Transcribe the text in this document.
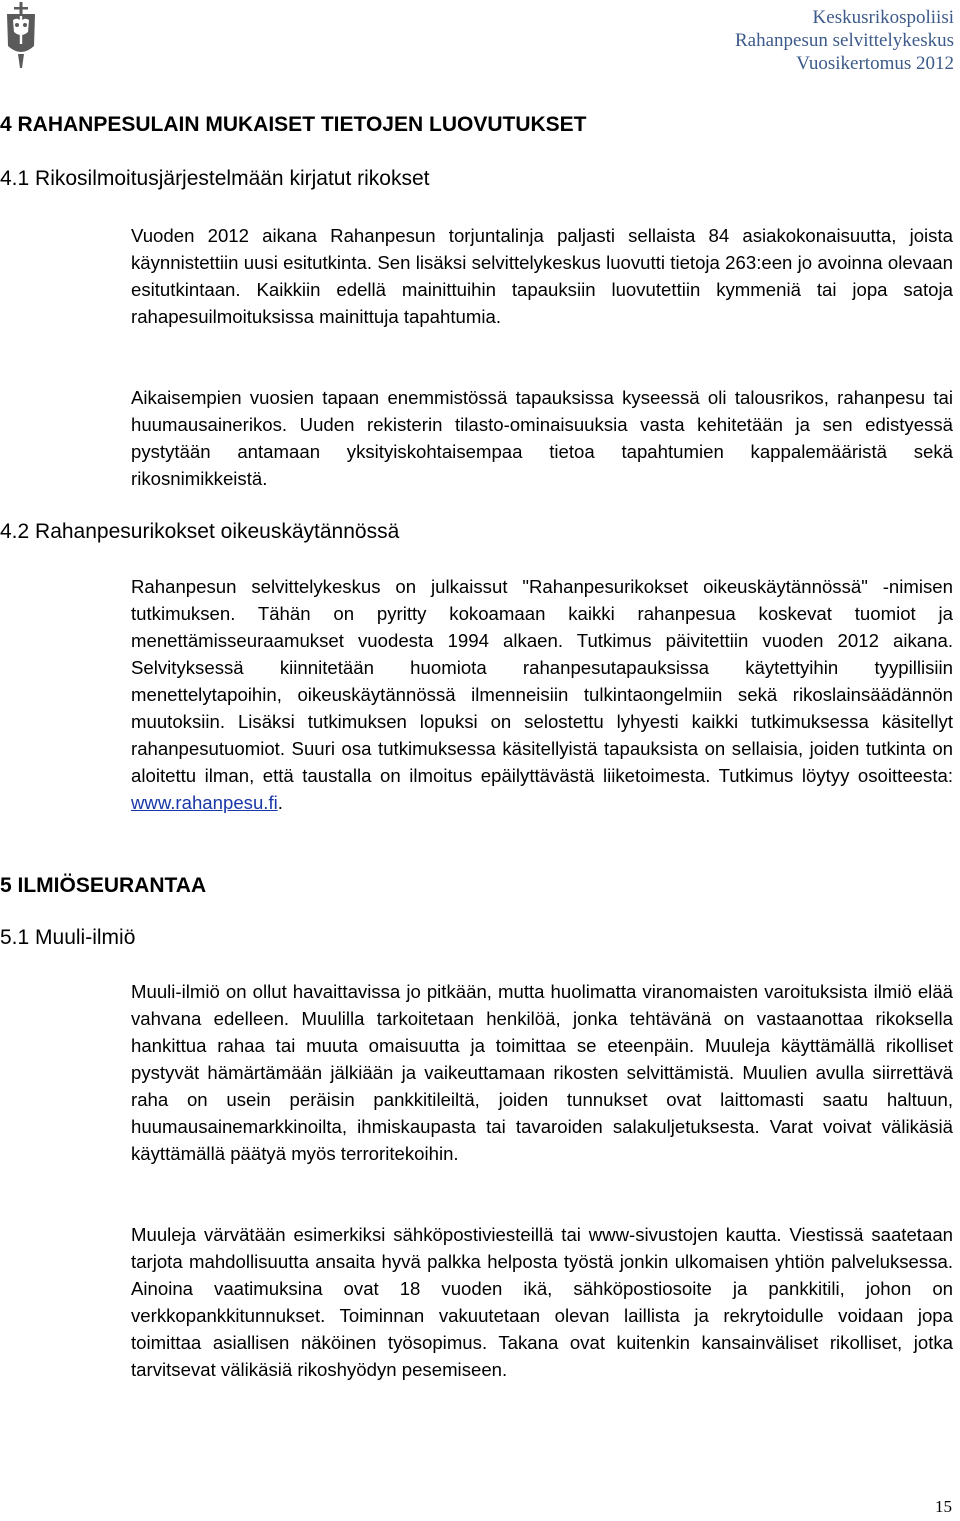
Keskusrikospoliisi
Rahanpesun selvittelykeskus
Vuosikertomus 2012
4 RAHANPESULAIN MUKAISET TIETOJEN LUOVUTUKSET
4.1 Rikosilmoitusjärjestelmään kirjatut rikokset

Vuoden 2012 aikana Rahanpesun torjuntalinja paljasti sellaista 84 asiakokonaisuutta, joista käynnistettiin uusi esitutkinta. Sen lisäksi selvittelykeskus luovutti tietoja 263:een jo avoinna olevaan esitutkintaan. Kaikkiin edellä mainittuihin tapauksiin luovutettiin kymmeniä tai jopa satoja rahapesuilmoituksissa mainittuja tapahtumia.

Aikaisempien vuosien tapaan enemmistössä tapauksissa kyseessä oli talousrikos, rahanpesu tai huumausainerikos. Uuden rekisterin tilasto-ominaisuuksia vasta kehitetään ja sen edistyessä pystytään antamaan yksityiskohtaisempaa tietoa tapahtumien kappalemääristä sekä rikosnimikkeistä.

4.2 Rahanpesurikokset oikeuskäytännössä

Rahanpesun selvittelykeskus on julkaissut "Rahanpesurikokset oikeuskäytännössä" -nimisen tutkimuksen. Tähän on pyritty kokoamaan kaikki rahanpesua koskevat tuomiot ja menettämisseuraamukset vuodesta 1994 alkaen. Tutkimus päivitettiin vuoden 2012 aikana. Selvityksessä kiinnitetään huomiota rahanpesutapauksissa käytettyihin tyypillisiin menettelytapoihin, oikeuskäytännössä ilmenneisiin tulkintaongelmiin sekä rikoslainsäädännön muutoksiin. Lisäksi tutkimuksen lopuksi on selostettu lyhyesti kaikki tutkimuksessa käsitellyt rahanpesutuomiot. Suuri osa tutkimuksessa käsitellyistä tapauksista on sellaisia, joiden tutkinta on aloitettu ilman, että taustalla on ilmoitus epäilyttävästä liiketoimesta. Tutkimus löytyy osoitteesta: www.rahanpesu.fi.

5 ILMIÖSEURANTAA
5.1 Muuli-ilmiö

Muuli-ilmiö on ollut havaittavissa jo pitkään, mutta huolimatta viranomaisten varoituksista ilmiö elää vahvana edelleen. Muulilla tarkoitetaan henkilöä, jonka tehtävänä on vastaanottaa rikoksella hankittua rahaa tai muuta omaisuutta ja toimittaa se eteenpäin. Muuleja käyttämällä rikolliset pystyvät hämärtämään jälkiään ja vaikeuttamaan rikosten selvittämistä. Muulien avulla siirrettävä raha on usein peräisin pankkitileiltä, joiden tunnukset ovat laittomasti saatu haltuun, huumausainemarkkinoilta, ihmiskaupasta tai tavaroiden salakuljetuksesta. Varat voivat välikäsiä käyttämällä päätyä myös terroritekoihin.

Muuleja värvätään esimerkiksi sähköpostiviesteillä tai www-sivustojen kautta. Viestissä saatetaan tarjota mahdollisuutta ansaita hyvä palkka helposta työstä jonkin ulkomaisen yhtiön palveluksessa. Ainoina vaatimuksina ovat 18 vuoden ikä, sähköpostiosoite ja pankkitili, johon on verkkopankkitunnukset. Toiminnan vakuutetaan olevan laillista ja rekrytoidulle voidaan jopa toimittaa asiallisen näköinen työsopimus. Takana ovat kuitenkin kansainväliset rikolliset, jotka tarvitsevat välikäsiä rikoshyödyn pesemiseen.

15
